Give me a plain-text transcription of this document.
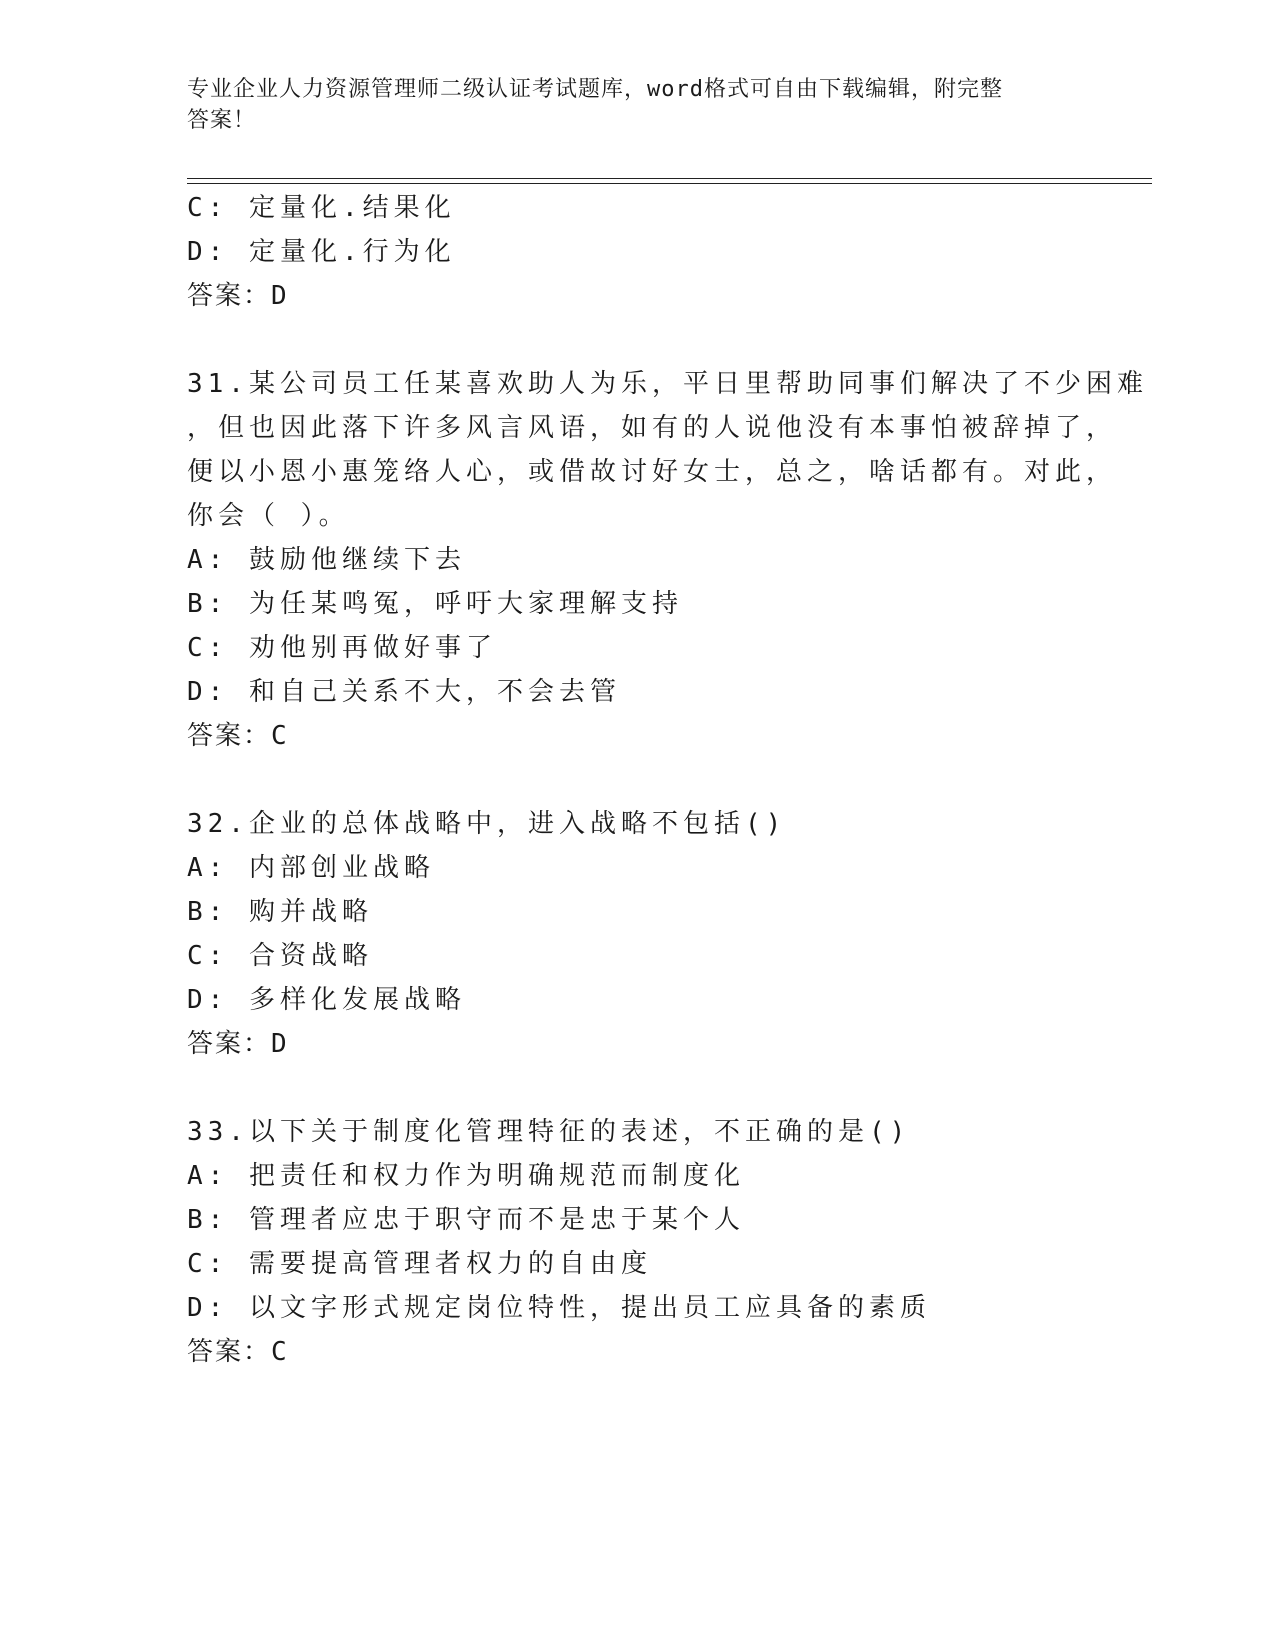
专业企业人力资源管理师二级认证考试题库，word格式可自由下载编辑，附完整
答案！
C: 定量化.结果化
D: 定量化.行为化
答案：D
31.某公司员工任某喜欢助人为乐，平日里帮助同事们解决了不少困难
，但也因此落下许多风言风语，如有的人说他没有本事怕被辞掉了，
便以小恩小惠笼络人心，或借故讨好女士，总之，啥话都有。对此，
你会（ ）。
A: 鼓励他继续下去
B: 为任某鸣冤，呼吁大家理解支持
C: 劝他别再做好事了
D: 和自己关系不大，不会去管
答案：C
32.企业的总体战略中，进入战略不包括()
A: 内部创业战略
B: 购并战略
C: 合资战略
D: 多样化发展战略
答案：D
33.以下关于制度化管理特征的表述，不正确的是()
A: 把责任和权力作为明确规范而制度化
B: 管理者应忠于职守而不是忠于某个人
C: 需要提高管理者权力的自由度
D: 以文字形式规定岗位特性，提出员工应具备的素质
答案：C
